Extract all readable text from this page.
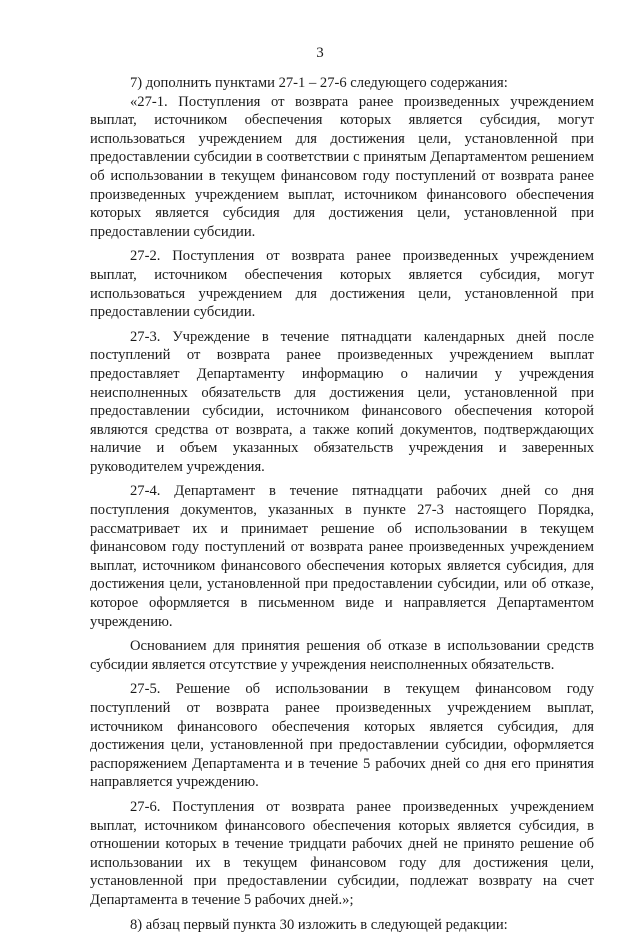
3

7) дополнить пунктами 27-1 – 27-6 следующего содержания:

«27-1. Поступления от возврата ранее произведенных учреждением выплат, источником обеспечения которых является субсидия, могут использоваться учреждением для достижения цели, установленной при предоставлении субсидии в соответствии с принятым Департаментом решением об использовании в текущем финансовом году поступлений от возврата ранее произведенных учреждением выплат, источником финансового обеспечения которых является субсидия для достижения цели, установленной при предоставлении субсидии.

27-2. Поступления от возврата ранее произведенных учреждением выплат, источником обеспечения которых является субсидия, могут использоваться учреждением для достижения цели, установленной при предоставлении субсидии.

27-3. Учреждение в течение пятнадцати календарных дней после поступлений от возврата ранее произведенных учреждением выплат предоставляет Департаменту информацию о наличии у учреждения неисполненных обязательств для достижения цели, установленной при предоставлении субсидии, источником финансового обеспечения которой являются средства от возврата, а также копий документов, подтверждающих наличие и объем указанных обязательств учреждения и заверенных руководителем учреждения.

27-4. Департамент в течение пятнадцати рабочих дней со дня поступления документов, указанных в пункте 27-3 настоящего Порядка, рассматривает их и принимает решение об использовании в текущем финансовом году поступлений от возврата ранее произведенных учреждением выплат, источником финансового обеспечения которых является субсидия, для достижения цели, установленной при предоставлении субсидии, или об отказе, которое оформляется в письменном виде и направляется Департаментом учреждению.

Основанием для принятия решения об отказе в использовании средств субсидии является отсутствие у учреждения неисполненных обязательств.

27-5. Решение об использовании в текущем финансовом году поступлений от возврата ранее произведенных учреждением выплат, источником финансового обеспечения которых является субсидия, для достижения цели, установленной при предоставлении субсидии, оформляется распоряжением Департамента и в течение 5 рабочих дней со дня его принятия направляется учреждению.

27-6. Поступления от возврата ранее произведенных учреждением выплат, источником финансового обеспечения которых является субсидия, в отношении которых в течение тридцати рабочих дней не принято решение об использовании их в текущем финансовом году для достижения цели, установленной при предоставлении субсидии, подлежат возврату на счет Департамента в течение 5 рабочих дней.»;

8) абзац первый пункта 30 изложить в следующей редакции:
